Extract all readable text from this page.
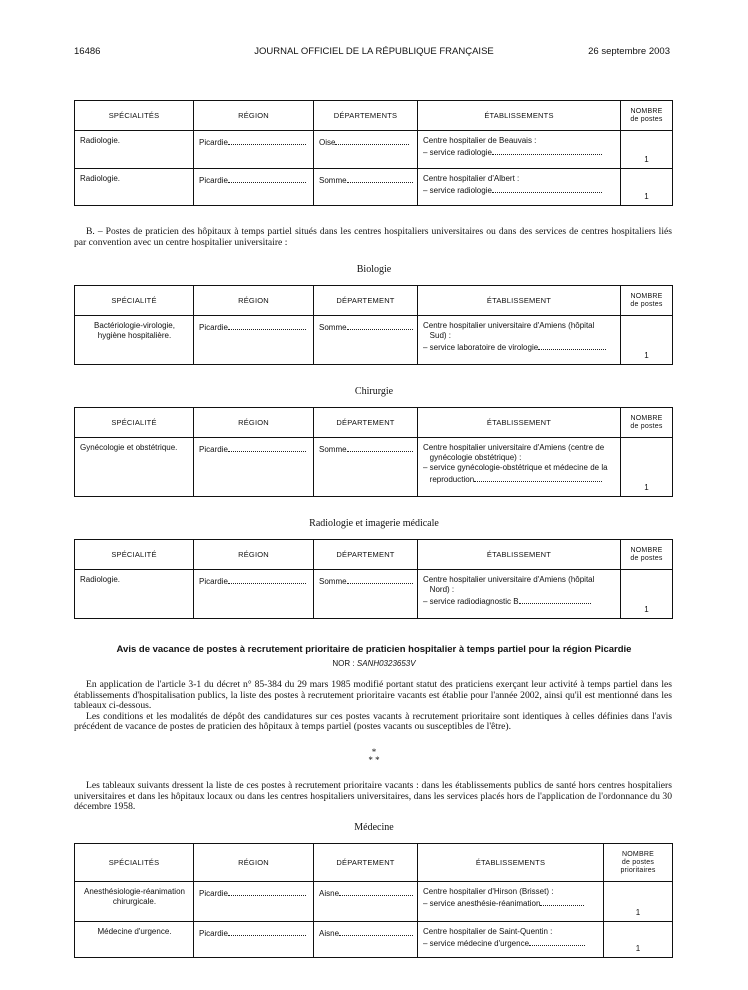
16486	JOURNAL OFFICIEL DE LA RÉPUBLIQUE FRANÇAISE	26 septembre 2003
SPÉCIALITÉS	RÉGION	DÉPARTEMENTS	ÉTABLISSEMENTS	NOMBRE
de postes

Radiologie.	Picardie	Oise	Centre hospitalier de Beauvais :
– service radiologie	1

Radiologie.	Picardie	Somme	Centre hospitalier d'Albert :
– service radiologie	1

B. – Postes de praticien des hôpitaux à temps partiel situés dans les centres hospitaliers universitaires ou dans des services de centres hospitaliers liés par convention avec un centre hospitalier universitaire :

Biologie
SPÉCIALITÉ	RÉGION	DÉPARTEMENT	ÉTABLISSEMENT	NOMBRE
de postes

Bactériologie-virologie,
hygiène hospitalière.	Picardie	Somme	Centre hospitalier universitaire d'Amiens (hôpital
Sud) :
– service laboratoire de virologie	1
Chirurgie
SPÉCIALITÉ	RÉGION	DÉPARTEMENT	ÉTABLISSEMENT	NOMBRE
de postes

Gynécologie et obstétrique.	Picardie	Somme	Centre hospitalier universitaire d'Amiens (centre de
gynécologie obstétrique) :
– service gynécologie-obstétrique et médecine de la
reproduction	1
Radiologie et imagerie médicale
SPÉCIALITÉ	RÉGION	DÉPARTEMENT	ÉTABLISSEMENT	NOMBRE
de postes

Radiologie.	Picardie	Somme	Centre hospitalier universitaire d'Amiens (hôpital
Nord) :
– service radiodiagnostic B	1
Avis de vacance de postes à recrutement prioritaire de praticien hospitalier à temps partiel pour la région Picardie
NOR : SANH0323653V

En application de l'article 3-1 du décret n° 85-384 du 29 mars 1985 modifié portant statut des praticiens exerçant leur activité à temps partiel dans les établissements d'hospitalisation publics, la liste des postes à recrutement prioritaire vacants est établie pour l'année 2002, ainsi qu'il est mentionné dans les tableaux ci-dessous.

Les conditions et les modalités de dépôt des candidatures sur ces postes vacants à recrutement prioritaire sont identiques à celles définies dans l'avis précédent de vacance de postes de praticien des hôpitaux à temps partiel (postes vacants ou susceptibles de l'être).

*
* *

Les tableaux suivants dressent la liste de ces postes à recrutement prioritaire vacants : dans les établissements publics de santé hors centres hospitaliers universitaires et dans les hôpitaux locaux ou dans les centres hospitaliers universitaires, dans les services placés hors de l'application de l'ordonnance du 30 décembre 1958.

Médecine
SPÉCIALITÉS	RÉGION	DÉPARTEMENT	ÉTABLISSEMENTS	NOMBRE
de postes
prioritaires

Anesthésiologie-réanimation
chirurgicale.	Picardie	Aisne	Centre hospitalier d'Hirson (Brisset) :
– service anesthésie-réanimation	1

Médecine d'urgence.	Picardie	Aisne	Centre hospitalier de Saint-Quentin :
– service médecine d'urgence	1
